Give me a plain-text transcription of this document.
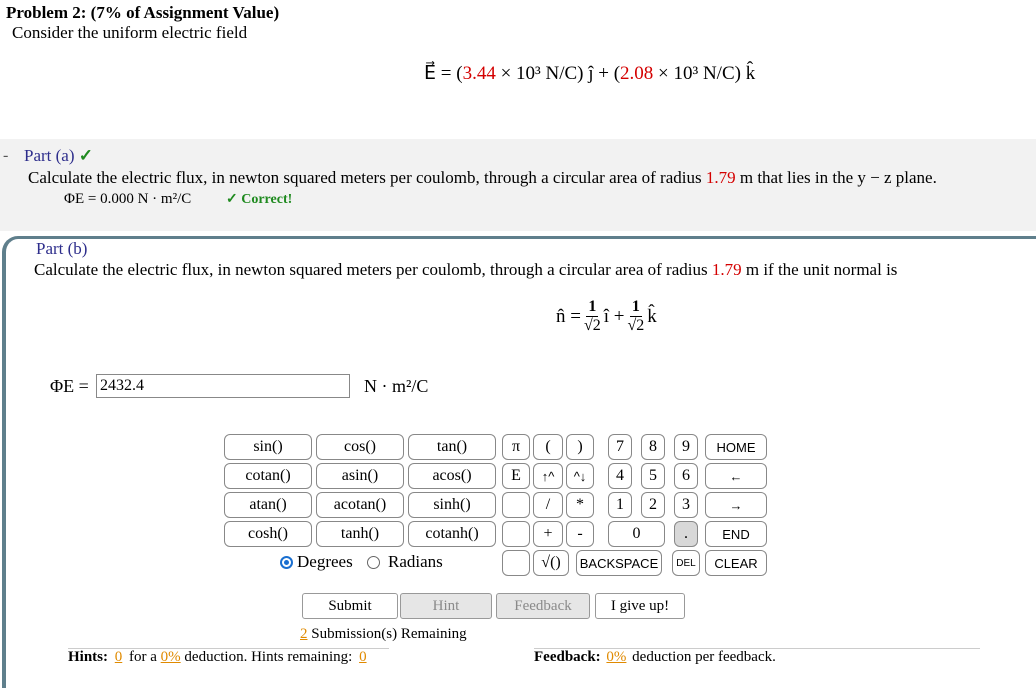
Problem 2: (7% of Assignment Value)
Consider the uniform electric field
E⃗ = (3.44 × 10³ N/C) ĵ + (2.08 × 10³ N/C) k̂
- Part (a) ✓
Calculate the electric flux, in newton squared meters per coulomb, through a circular area of radius 1.79 m that lies in the y − z plane.
ΦE = 0.000 N · m²/C ✓ Correct!
Part (b)
Calculate the electric flux, in newton squared meters per coulomb, through a circular area of radius 1.79 m if the unit normal is
n̂ = $\frac{1}{√2}$ î + $\frac{1}{√2}$ k̂
ΦE = 2432.4	N · m²/C
sin()	cos()	tan()
cotan()	asin()	acos()
atan()	acotan()	sinh()
cosh()	tanh()	cotanh()
π	(	)
E	↑^	^↓
/	*
+	-
√()
7	8	9
4	5	6
1	2	3
0	.
HOME
←
→
END
BACKSPACE	DEL	CLEAR
Degrees Radians
Submit	Hint	Feedback	I give up!
2 Submission(s) Remaining
Hints: 0 for a 0% deduction. Hints remaining: 0	Feedback: 0% deduction per feedback.
